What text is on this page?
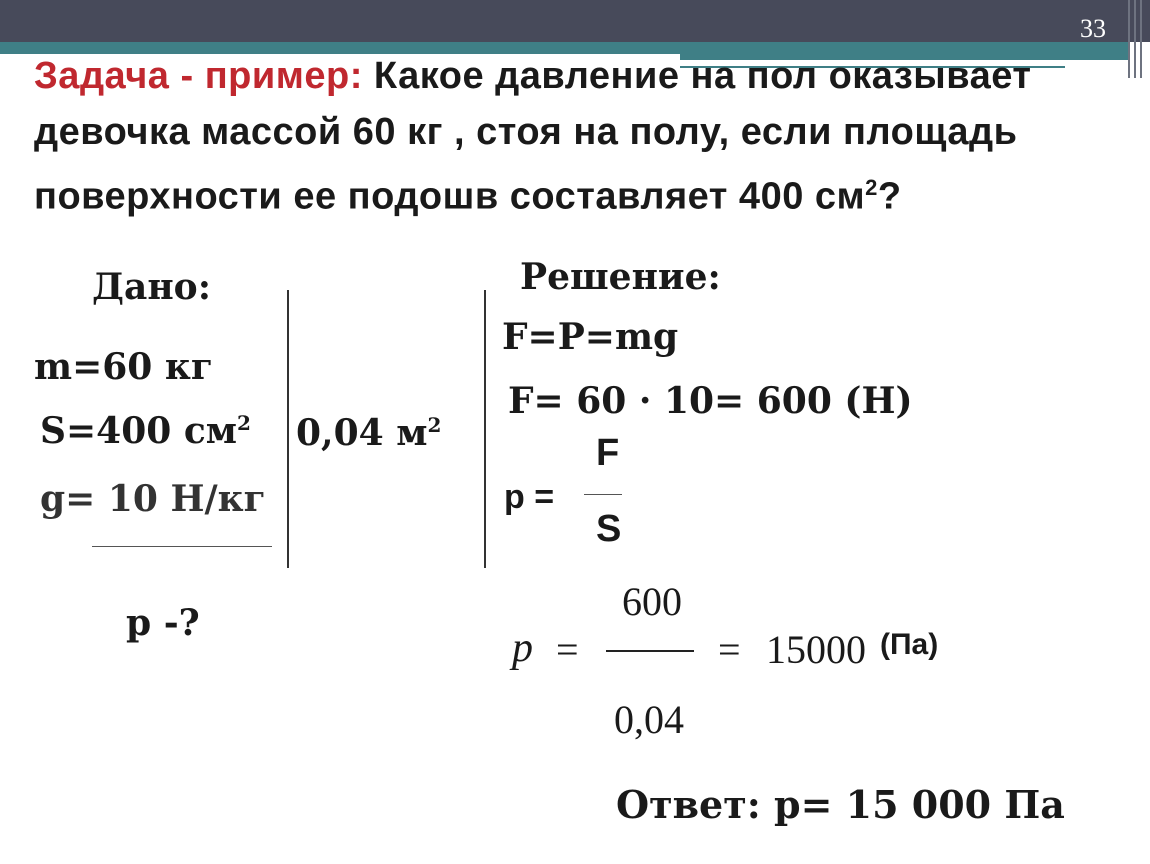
33
Задача - пример: Какое давление на пол оказывает девочка массой 60 кг , стоя на полу, если площадь поверхности ее подошв составляет 400 $см^2$?
Дано:	Решение:
m=60 кг
S=400 $см^2$
g= 10 Н/кг
р -?
0,04 $м^2$
F=P=mg
F= 60 · 10= 600 (Н)
р =
F
S
p =
600
0,04
= 15000 (Па)
Ответ: р= 15 000 Па
